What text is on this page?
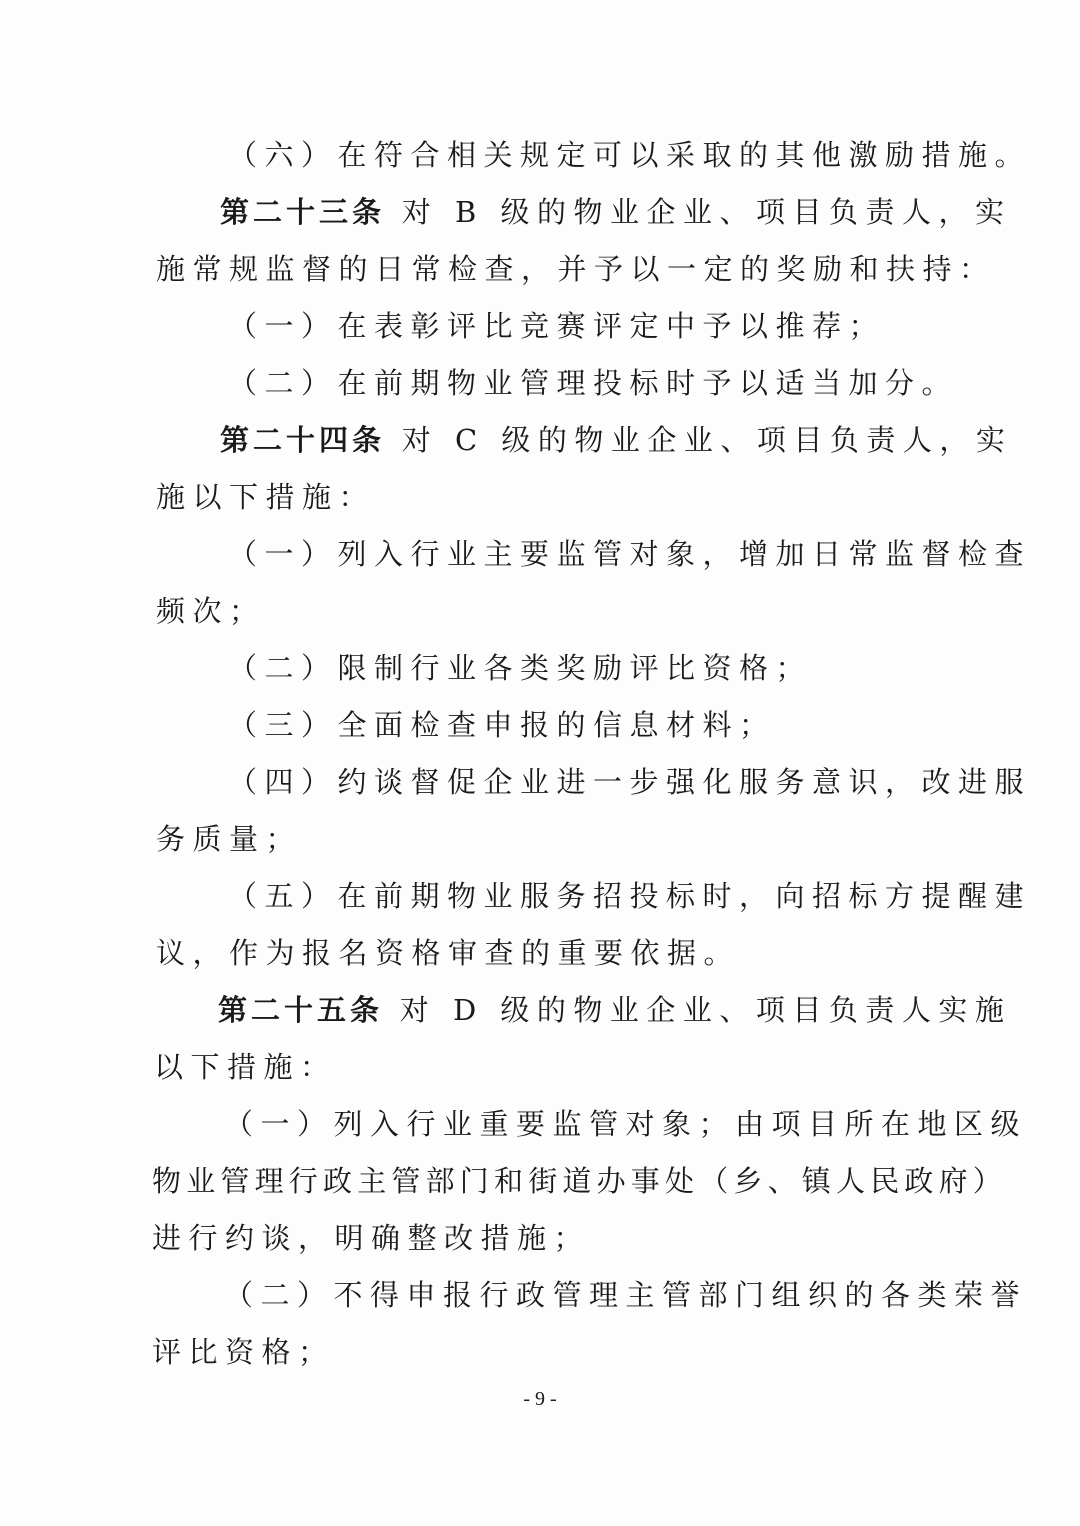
（六）在符合相关规定可以采取的其他激励措施。
第二十三条 对 B 级的物业企业、项目负责人，实
施常规监督的日常检查，并予以一定的奖励和扶持：
（一）在表彰评比竞赛评定中予以推荐；
（二）在前期物业管理投标时予以适当加分。
第二十四条 对 C 级的物业企业、项目负责人，实
施以下措施：
（一）列入行业主要监管对象，增加日常监督检查
频次；
（二）限制行业各类奖励评比资格；
（三）全面检查申报的信息材料；
（四）约谈督促企业进一步强化服务意识，改进服
务质量；
（五）在前期物业服务招投标时，向招标方提醒建
议，作为报名资格审查的重要依据。
第二十五条 对 D 级的物业企业、项目负责人实施
以下措施：
（一）列入行业重要监管对象；由项目所在地区级
物业管理行政主管部门和街道办事处（乡、镇人民政府）
进行约谈，明确整改措施；
（二）不得申报行政管理主管部门组织的各类荣誉
评比资格；
- 9 -
